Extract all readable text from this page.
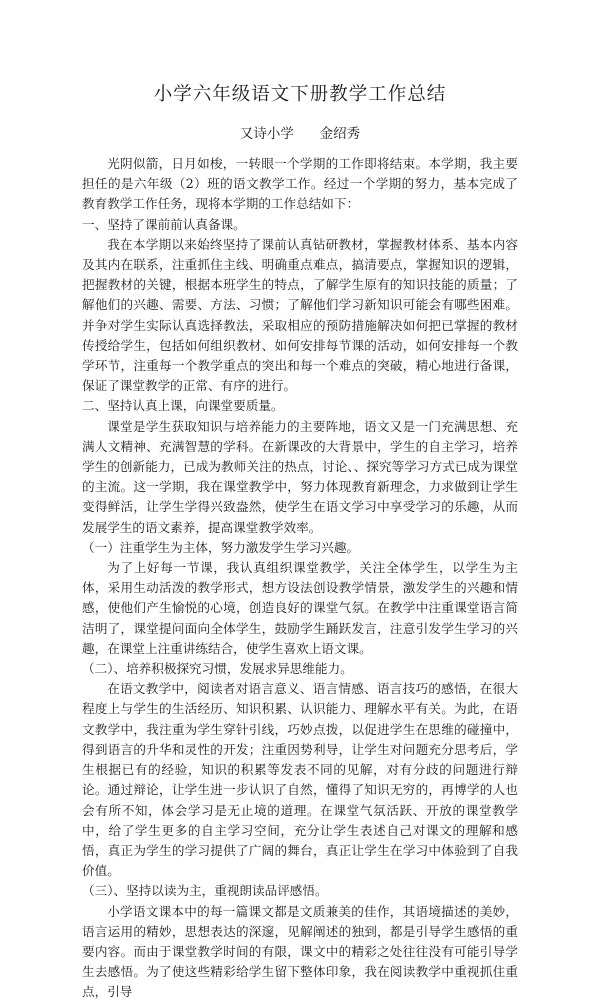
小学六年级语文下册教学工作总结
又诗小学      金绍秀

光阴似箭，日月如梭，一转眼一个学期的工作即将结束。本学期，我主要担任的是六年级（2）班的语文教学工作。经过一个学期的努力，基本完成了教育教学工作任务，现将本学期的工作总结如下：

一、坚持了课前前认真备课。

我在本学期以来始终坚持了课前认真钻研教材，掌握教材体系、基本内容及其内在联系，注重抓住主线、明确重点难点，搞清要点，掌握知识的逻辑，把握教材的关键，根据本班学生的特点，了解学生原有的知识技能的质量；了解他们的兴趣、需要、方法、习惯；了解他们学习新知识可能会有哪些困难。并争对学生实际认真选择教法，采取相应的预防措施解决如何把已掌握的教材传授给学生，包括如何组织教材、如何安排每节课的活动，如何安排每一个教学环节，注重每一个教学重点的突出和每一个难点的突破，精心地进行备课，保证了课堂教学的正常、有序的进行。

二、坚持认真上课，向课堂要质量。

课堂是学生获取知识与培养能力的主要阵地，语文又是一门充满思想、充满人文精神、充满智慧的学科。在新课改的大背景中，学生的自主学习，培养学生的创新能力，已成为教师关注的热点，讨论、、探究等学习方式已成为课堂的主流。这一学期，我在课堂教学中，努力体现教育新理念，力求做到让学生变得鲜活，让学生学得兴致盎然，使学生在语文学习中享受学习的乐趣，从而发展学生的语文素养，提高课堂教学效率。

（一）注重学生为主体，努力激发学生学习兴趣。

为了上好每一节课，我认真组织课堂教学，关注全体学生，以学生为主体，采用生动活泼的教学形式，想方设法创设教学情景，激发学生的兴趣和情感，使他们产生愉悦的心境，创造良好的课堂气氛。在教学中注重课堂语言简洁明了，课堂提问面向全体学生，鼓励学生踊跃发言，注意引发学生学习的兴趣，在课堂上注重讲练结合，使学生喜欢上语文课。

（二）、培养积极探究习惯，发展求异思维能力。

在语文教学中，阅读者对语言意义、语言情感、语言技巧的感悟，在很大程度上与学生的生活经历、知识积累、认识能力、理解水平有关。为此，在语文教学中，我注重为学生穿针引线，巧妙点拨，以促进学生在思维的碰撞中，得到语言的升华和灵性的开发；注重因势利导，让学生对问题充分思考后，学生根据已有的经验，知识的积累等发表不同的见解，对有分歧的问题进行辩论。通过辩论，让学生进一步认识了自然，懂得了知识无穷的，再博学的人也会有所不知，体会学习是无止境的道理。在课堂气氛活跃、开放的课堂教学中，给了学生更多的自主学习空间，充分让学生表述自己对课文的理解和感悟，真正为学生的学习提供了广阔的舞台，真正让学生在学习中体验到了自我价值。

（三）、坚持以读为主，重视朗读品评感悟。

小学语文课本中的每一篇课文都是文质兼美的佳作，其语境描述的美妙，语言运用的精妙，思想表达的深邃，见解阐述的独到，都是引导学生感悟的重要内容。而由于课堂教学时间的有限，课文中的精彩之处往往没有可能引导学生去感悟。为了使这些精彩给学生留下整体印象，我在阅读教学中重视抓住重点，引导
